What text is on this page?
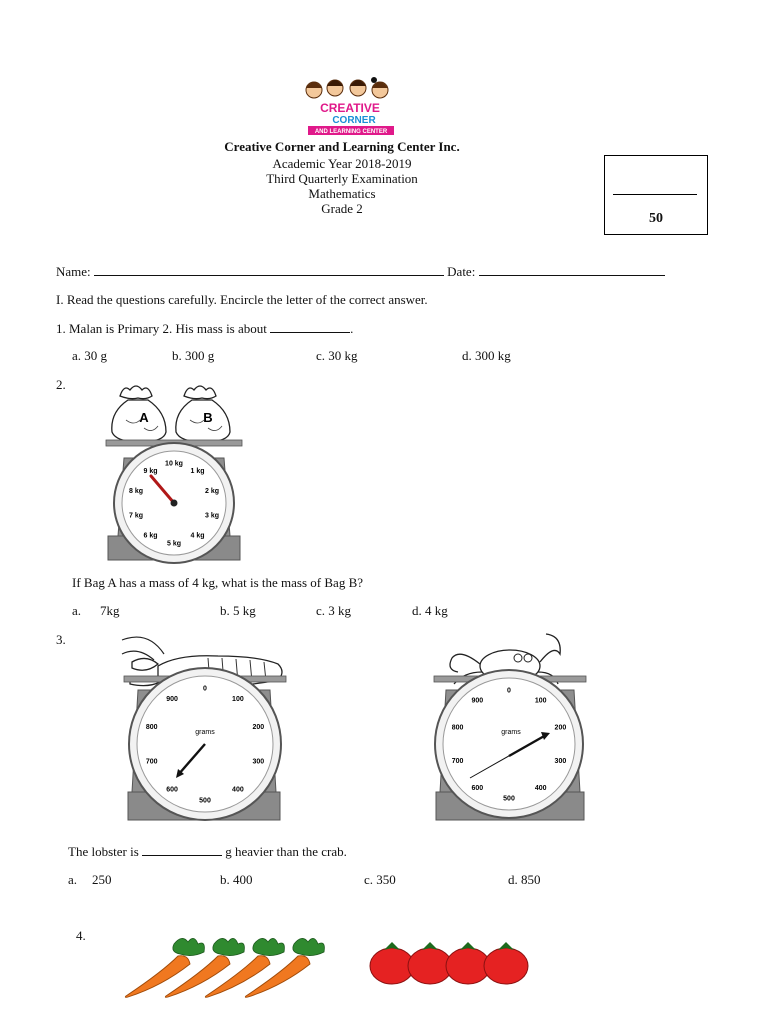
CREATIVE
CORNER
AND LEARNING CENTER
Creative Corner and Learning Center Inc.
Academic Year 2018-2019
Third Quarterly Examination
Mathematics
Grade 2
50
Name:	Date:
I. Read the questions carefully. Encircle the letter of the correct answer.
1. Malan is Primary 2. His mass is about	.
a. 30 g	b. 300 g	c. 30 kg	d. 300 kg
2.
A	B
10 kg
1 kg
2 kg
3 kg
4 kg
5 kg
6 kg
7 kg
8 kg
9 kg
If Bag A has a mass of 4 kg, what is the mass of Bag B?
a. 7kg	b. 5 kg	c. 3 kg	d. 4 kg
3.
0
100
200
300
400
500
600
700
800
900
grams
0
100
200
300
400
500
600
700
800
900
grams
The lobster is	g heavier than the crab.
a. 250	b. 400	c. 350	d. 850
4.
